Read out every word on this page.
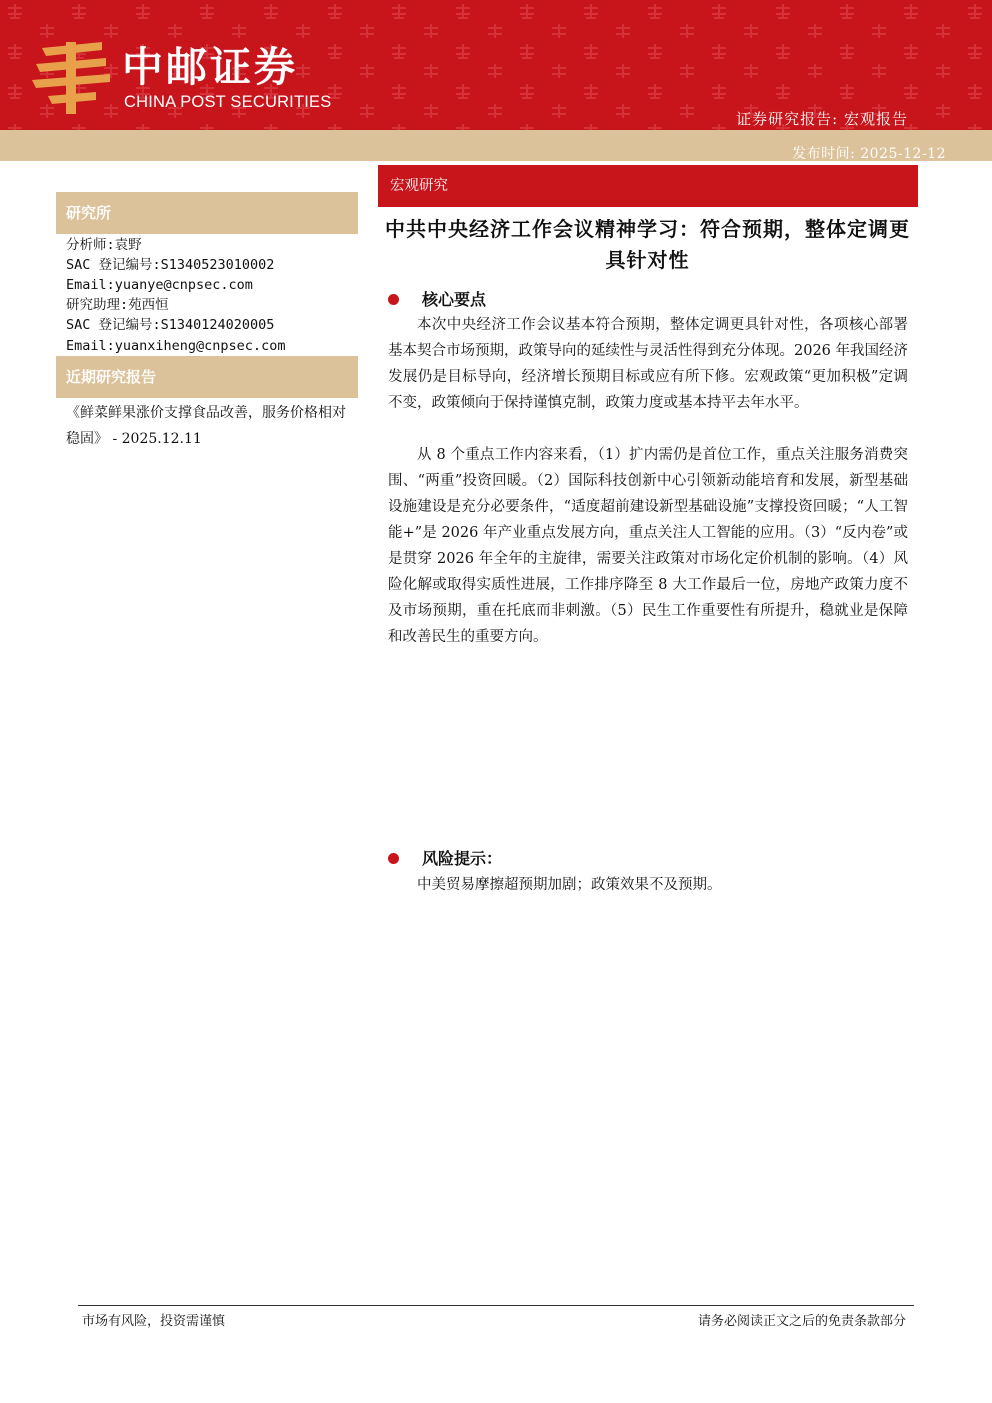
中邮证券
CHINA POST SECURITIES
证券研究报告: 宏观报告
发布时间: 2025-12-12
研究所
分析师:袁野
SAC 登记编号:S1340523010002
Email:yuanye@cnpsec.com
研究助理:苑西恒
SAC 登记编号:S1340124020005
Email:yuanxiheng@cnpsec.com
近期研究报告
《鲜菜鲜果涨价支撑食品改善，服务价格相对稳固》 - 2025.12.11
宏观研究
中共中央经济工作会议精神学习：符合预期，整体定调更具针对性
核心要点

本次中央经济工作会议基本符合预期，整体定调更具针对性，各项核心部署基本契合市场预期，政策导向的延续性与灵活性得到充分体现。2026 年我国经济发展仍是目标导向，经济增长预期目标或应有所下修。宏观政策“更加积极”定调不变，政策倾向于保持谨慎克制，政策力度或基本持平去年水平。

从 8 个重点工作内容来看，（1）扩内需仍是首位工作，重点关注服务消费突围、“两重”投资回暖。（2）国际科技创新中心引领新动能培育和发展，新型基础设施建设是充分必要条件，“适度超前建设新型基础设施”支撑投资回暖；“人工智能+”是 2026 年产业重点发展方向，重点关注人工智能的应用。（3）“反内卷”或是贯穿 2026 年全年的主旋律，需要关注政策对市场化定价机制的影响。（4）风险化解或取得实质性进展，工作排序降至 8 大工作最后一位，房地产政策力度不及市场预期，重在托底而非刺激。（5）民生工作重要性有所提升，稳就业是保障和改善民生的重要方向。

风险提示：

中美贸易摩擦超预期加剧；政策效果不及预期。

市场有风险，投资需谨慎	请务必阅读正文之后的免责条款部分
